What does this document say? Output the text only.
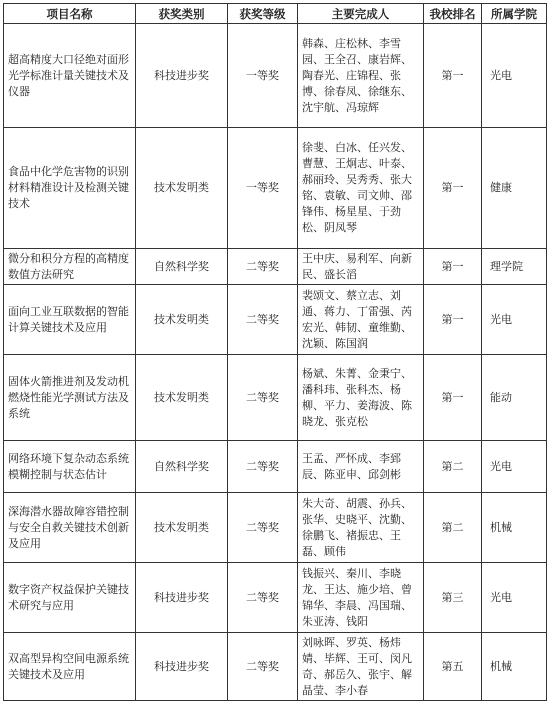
项目名称	获奖类别	获奖等级	主要完成人	我校排名	所属学院
超高精度大口径绝对面形光学标准计量关键技术及仪器	科技进步奖	一等奖	韩森、庄松林、李雪园、王全召、康岩辉、陶春光、庄锦程、张博、徐春凤、徐继东、沈宇航、冯琼辉	第一	光电
食品中化学危害物的识别材料精准设计及检测关键技术	技术发明类	一等奖	徐斐、白冰、任兴发、曹慧、王炯志、叶泰、郝丽玲、吴秀秀、张大铭、袁敏、司文帅、邵锋伟、杨星星、于劲松、阴凤琴	第一	健康
微分和积分方程的高精度数值方法研究	自然科学奖	二等奖	王中庆、易利军、向新民、盛长滔	第一	理学院
面向工业互联数据的智能计算关键技术及应用	技术发明类	二等奖	裴颂文、蔡立志、刘通、蒋力、丁雷强、芮宏光、韩韧、童维勤、沈颖、陈国润	第一	光电
固体火箭推进剂及发动机燃烧性能光学测试方法及系统	技术发明类	二等奖	杨斌、朱菁、金秉宁、潘科玮、张科杰、杨柳、平力、姜海波、陈晓龙、张克松	第一	能动
网络环境下复杂动态系统模糊控制与状态估计	自然科学奖	二等奖	王孟、严怀成、李郅辰、陈亚申、邱剑彬	第二	光电
深海潜水器故障容错控制与安全自救关键技术创新及应用	技术发明类	二等奖	朱大奇、胡震、孙兵、张华、史晓平、沈勤、徐鹏飞、褚振忠、王磊、顾伟	第二	机械
数字资产权益保护关键技术研究与应用	科技进步奖	二等奖	钱振兴、秦川、李晓龙、王达、施少培、曾锦华、李晨、冯国瑞、朱亚涛、钱阳	第三	光电
双高型异构空间电源系统关键技术及应用	科技进步奖	二等奖	刘咏晖、罗英、杨炜婧、毕辉、王可、闵凡奇、郝岳久、张宇、解晶莹、李小春	第五	机械
